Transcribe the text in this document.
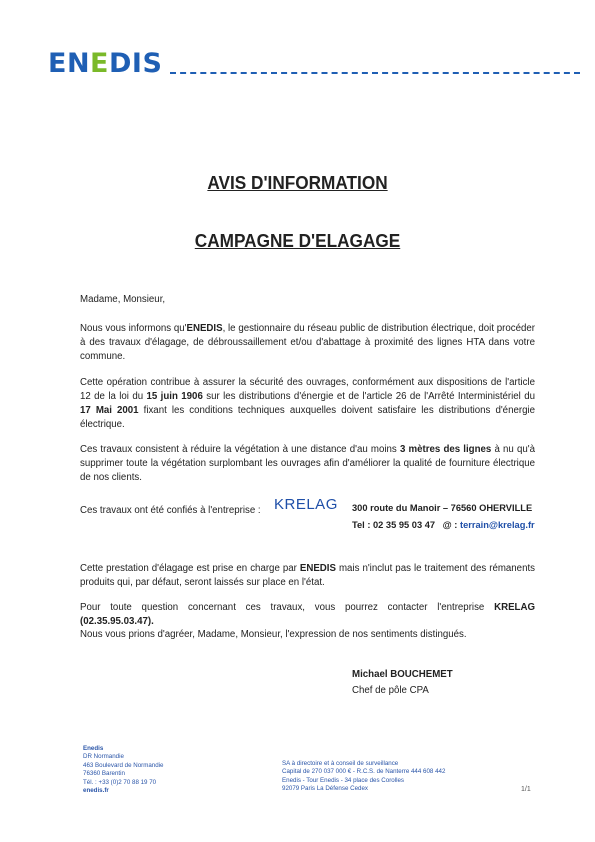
ENEDIS
AVIS D'INFORMATION
CAMPAGNE D'ELAGAGE
Madame, Monsieur,
Nous vous informons qu'ENEDIS, le gestionnaire du réseau public de distribution électrique, doit procéder à des travaux d'élagage, de débroussaillement et/ou d'abattage à proximité des lignes HTA dans votre commune.
Cette opération contribue à assurer la sécurité des ouvrages, conformément aux dispositions de l'article 12 de la loi du 15 juin 1906 sur les distributions d'énergie et de l'article 26 de l'Arrêté Interministériel du 17 Mai 2001 fixant les conditions techniques auxquelles doivent satisfaire les distributions d'énergie électrique.
Ces travaux consistent à réduire la végétation à une distance d'au moins 3 mètres des lignes à nu qu'à supprimer toute la végétation surplombant les ouvrages afin d'améliorer la qualité de fourniture électrique de nos clients.
Ces travaux ont été confiés à l'entreprise : KRELAG 300 route du Manoir – 76560 OHERVILLE
Tel : 02 35 95 03 47 @ : terrain@krelag.fr
Cette prestation d'élagage est prise en charge par ENEDIS mais n'inclut pas le traitement des rémanents produits qui, par défaut, seront laissés sur place en l'état.
Pour toute question concernant ces travaux, vous pourrez contacter l'entreprise KRELAG (02.35.95.03.47).
Nous vous prions d'agréer, Madame, Monsieur, l'expression de nos sentiments distingués.
Michael BOUCHEMET
Chef de pôle CPA
Enedis
DR Normandie
463 Boulevard de Normandie
76360 Barentin
Tél. : +33 (0)2 70 88 19 70
enedis.fr
SA à directoire et à conseil de surveillance
Capital de 270 037 000 € - R.C.S. de Nanterre 444 608 442
Enedis - Tour Enedis - 34 place des Corolles
92079 Paris La Défense Cedex	1/1
